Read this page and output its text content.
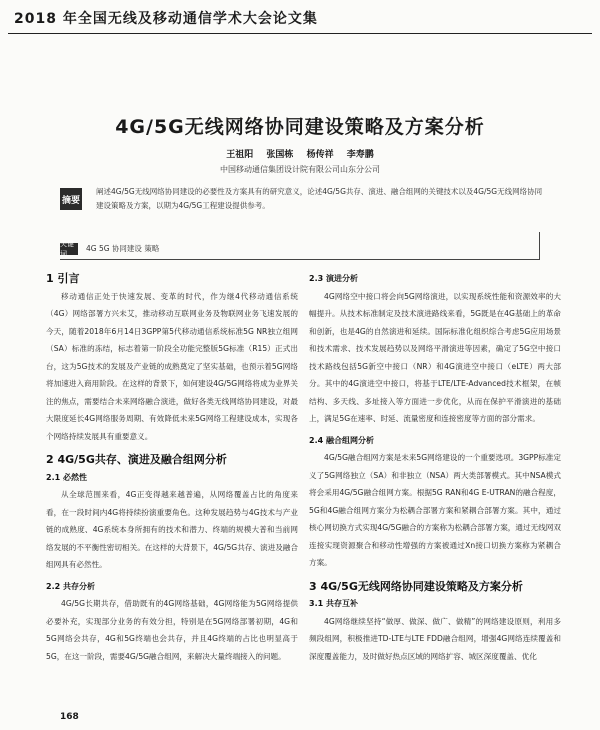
2018 年全国无线及移动通信学术大会论文集
4G/5G无线网络协同建设策略及方案分析
王祖阳 张国栋 杨传祥 李寿鹏
中国移动通信集团设计院有限公司山东分公司
摘要
阐述4G/5G无线网络协同建设的必要性及方案具有的研究意义，论述4G/5G共存、演进、融合组网的关键技术以及4G/5G无线网络协同建设策略及方案，以期为4G/5G工程建设提供参考。
关键词
4G 5G 协同建设 策略
1 引言
移动通信正处于快速发展、变革的时代，作为继4代移动通信系统（4G）网络部署方兴未艾，推动移动互联网业务及物联网业务飞速发展的今天，随着2018年6月14日3GPP第5代移动通信系统标准5G NR独立组网（SA）标准的冻结，标志着第一阶段全功能完整版5G标准（R15）正式出台，这为5G技术的发展及产业链的成熟奠定了坚实基础，也预示着5G网络将加速进入商用阶段。在这样的背景下，如何建设4G/5G网络将成为业界关注的焦点，需要结合未来网络融合演进，做好各类无线网络协同建设，对最大限度延长4G网络服务周期、有效降低未来5G网络工程建设成本，实现各个网络持续发展具有重要意义。
2 4G/5G共存、演进及融合组网分析
2.1 必然性
从全球范围来看，4G正变得越来越普遍，从网络覆盖占比的角度来看，在一段时间内4G将持续扮演重要角色。这种发展趋势与4G技术与产业链的成熟度、4G系统本身所拥有的技术和潜力、终端的规模大普和当前网络发展的不平衡性密切相关。在这样的大背景下，4G/5G共存、演进及融合组网具有必然性。
2.2 共存分析
4G/5G长期共存，借助既有的4G网络基础，4G网络能为5G网络提供必要补充，实现部分业务的有效分担，特别是在5G网络部署初期，4G和5G网络会共存，4G和5G终端也会共存，并且4G终端的占比也明显高于5G，在这一阶段，需要4G/5G融合组网，来解决大量终端接入的问题。
2.3 演进分析
4G网络空中接口将会向5G网络演进，以实现系统性能和资源效率的大幅提升。从技术标准制定及技术演进路线来看，5G既是在4G基础上的革命和创新，也是4G的自然演进和延续。国际标准化组织综合考虑5G应用场景和技术需求、技术发展趋势以及网络平滑演进等因素，确定了5G空中接口技术路线包括5G新空中接口（NR）和4G演进空中接口（eLTE）两大部分。其中的4G演进空中接口，将基于LTE/LTE-Advanced技术框架，在帧结构、多天线、多址接入等方面进一步优化，从而在保护平滑演进的基础上，满足5G在速率、时延、流量密度和连接密度等方面的部分需求。
2.4 融合组网分析
4G/5G融合组网方案是未来5G网络建设的一个重要选项。3GPP标准定义了5G网络独立（SA）和非独立（NSA）两大类部署模式。其中NSA模式将会采用4G/5G融合组网方案。根据5G RAN和4G E-UTRAN的融合程度，5G和4G融合组网方案分为松耦合部署方案和紧耦合部署方案。其中，通过核心网切换方式实现4G/5G融合的方案称为松耦合部署方案，通过无线网双连接实现资源聚合和移动性增强的方案被通过Xn接口切换方案称为紧耦合方案。
3 4G/5G无线网络协同建设策略及方案分析
3.1 共存互补
4G网络继续坚持“做厚、做深、做广、做精”的网络建设原则，利用多频段组网，积极推进TD-LTE与LTE FDD融合组网，增强4G网络连续覆盖和深度覆盖能力，及时做好热点区域的网络扩容、城区深度覆盖、优化
168
